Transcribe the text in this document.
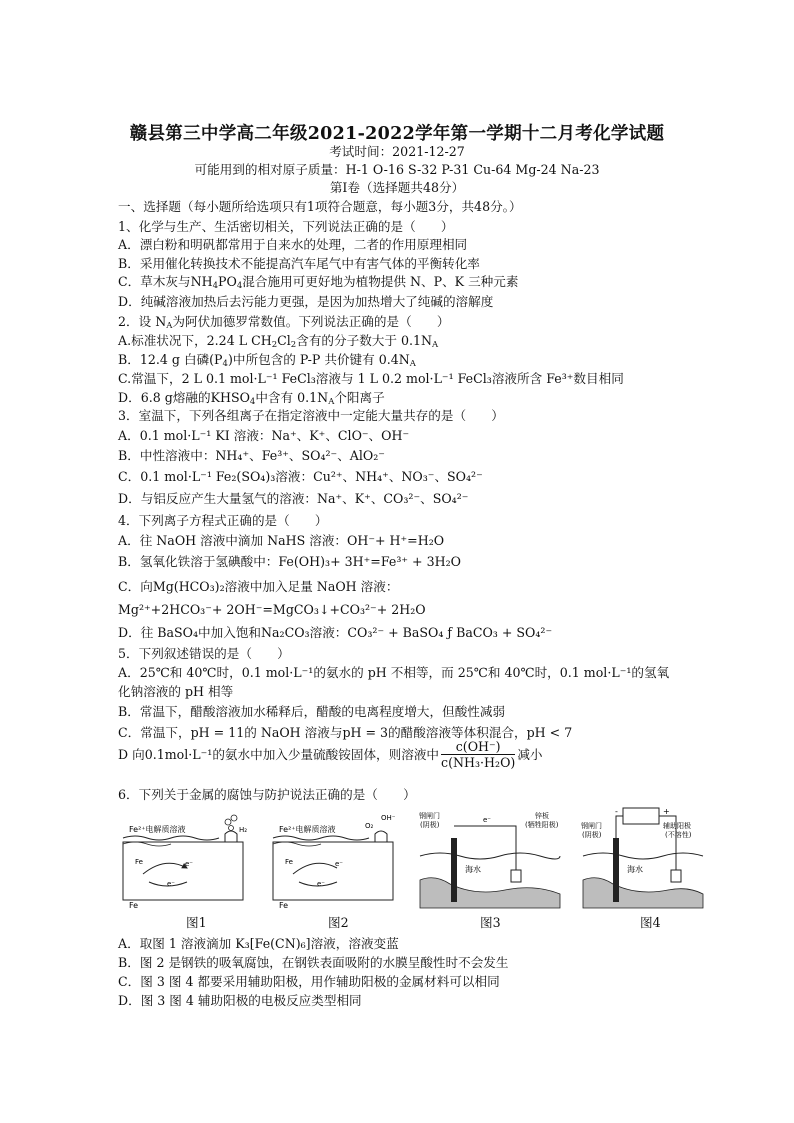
赣县第三中学高二年级2021-2022学年第一学期十二月考化学试题
考试时间：2021-12-27
可能用到的相对原子质量：H-1 O-16 S-32 P-31 Cu-64 Mg-24 Na-23
第Ⅰ卷（选择题共48分）
一、选择题（每小题所给选项只有1项符合题意，每小题3分，共48分。）
1、化学与生产、生活密切相关，下列说法正确的是（　　）
A．漂白粉和明矾都常用于自来水的处理，二者的作用原理相同
B．采用催化转换技术不能提高汽车尾气中有害气体的平衡转化率
C．草木灰与$NH_4PO_4$混合施用可更好地为植物提供 N、P、K 三种元素
D．纯碱溶液加热后去污能力更强，是因为加热增大了纯碱的溶解度
2．设 $N_A$为阿伏加德罗常数值。下列说法正确的是（　　）
A.标准状况下，2.24 L $CH_2Cl_2$含有的分子数大于 $0.1N_A$
B．12.4 g 白磷$(P_4)$中所包含的 P-P 共价键有 $0.4N_A$
C.常温下，2 L 0.1 mol·L⁻¹ FeCl₃溶液与 1 L 0.2 mol·L⁻¹ FeCl₃溶液所含 Fe³⁺数目相同
D．6.8 g熔融的$KHSO_4$中含有 $0.1N_A$个阳离子
3．室温下，下列各组离子在指定溶液中一定能大量共存的是（　　）
A．0.1 mol·L⁻¹ KI 溶液：Na⁺、K⁺、ClO⁻、OH⁻
B．中性溶液中：NH₄⁺、Fe³⁺、SO₄²⁻、AlO₂⁻
C．0.1 mol·L⁻¹ Fe₂(SO₄)₃溶液：Cu²⁺、NH₄⁺、NO₃⁻、SO₄²⁻
D．与铝反应产生大量氢气的溶液：Na⁺、K⁺、CO₃²⁻、SO₄²⁻
4．下列离子方程式正确的是（　　）
A．往 NaOH 溶液中滴加 NaHS 溶液：OH⁻+ H⁺=H₂O
B．氢氧化铁溶于氢碘酸中：Fe(OH)₃+ 3H⁺=Fe³⁺ + 3H₂O
C．向Mg(HCO₃)₂溶液中加入足量 NaOH 溶液：
Mg²⁺+2HCO₃⁻+ 2OH⁻=MgCO₃↓+CO₃²⁻+ 2H₂O
D．往 BaSO₄中加入饱和Na₂CO₃溶液：CO₃²⁻ + BaSO₄ ƒ BaCO₃ + SO₄²⁻
5．下列叙述错误的是（　　）
A．25℃和 40℃时，0.1 mol·L⁻¹的氨水的 pH 不相等，而 25℃和 40℃时，0.1 mol·L⁻¹的氢氧
化钠溶液的 pH 相等
B．常温下，醋酸溶液加水稀释后，醋酸的电离程度增大，但酸性减弱
C．常温下，pH = 11的 NaOH 溶液与pH = 3的醋酸溶液等体积混合，pH < 7
D 向0.1mol·L⁻¹的氨水中加入少量硫酸铵固体，则溶液中 $\frac{c(OH^-)}{\text{c(NH₃·H₂O)}}$ 减小
6．下列关于金属的腐蚀与防护说法正确的是（　　）
Fe²⁺电解质溶液	H₂
Fe
Fe
e⁻
e⁻
Fe²⁺电解质溶液	O₂
OH⁻
Fe
Fe
e⁻
e⁻
钢闸门
(阴极)
锌板
(牺牲阳极)
海水
e⁻
-	+
钢闸门
(阴极)
辅助阳极
(不溶性)
海水
图1	图2	图3	图4
A．取图 1 溶液滴加 K₃[Fe(CN)₆]溶液，溶液变蓝
B．图 2 是钢铁的吸氧腐蚀，在钢铁表面吸附的水膜呈酸性时不会发生
C．图 3 图 4 都要采用辅助阳极，用作辅助阳极的金属材料可以相同
D．图 3 图 4 辅助阳极的电极反应类型相同
